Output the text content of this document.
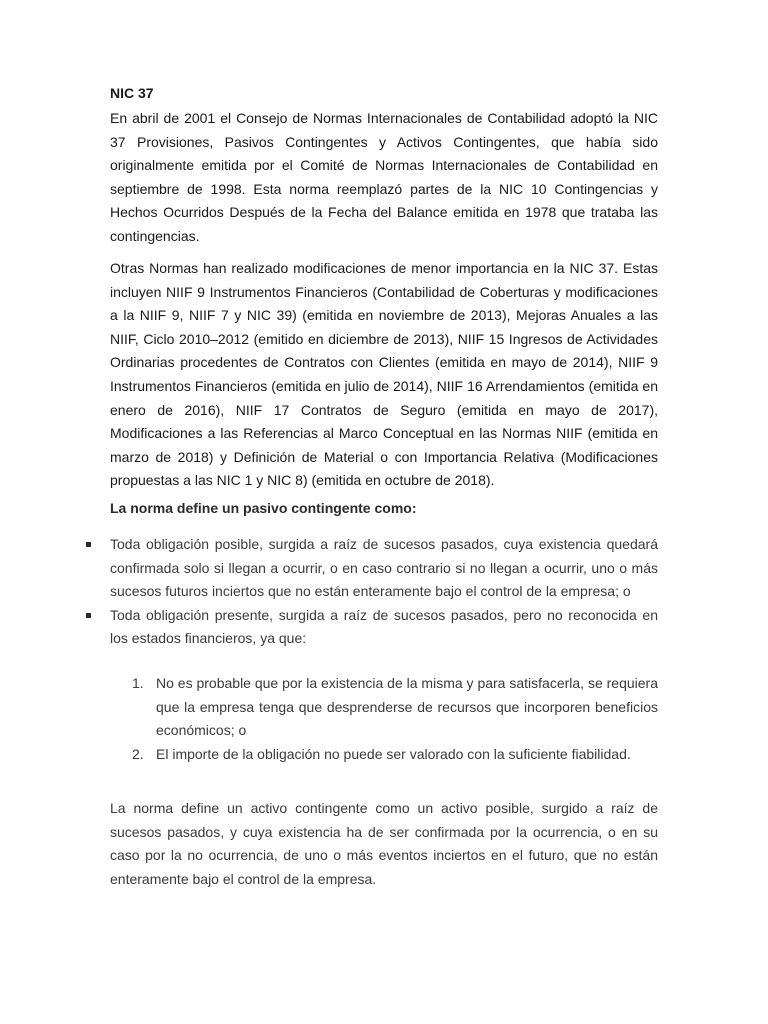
NIC 37

En abril de 2001 el Consejo de Normas Internacionales de Contabilidad adoptó la NIC 37 Provisiones, Pasivos Contingentes y Activos Contingentes, que había sido originalmente emitida por el Comité de Normas Internacionales de Contabilidad en septiembre de 1998. Esta norma reemplazó partes de la NIC 10 Contingencias y Hechos Ocurridos Después de la Fecha del Balance emitida en 1978 que trataba las contingencias.

Otras Normas han realizado modificaciones de menor importancia en la NIC 37. Estas incluyen NIIF 9 Instrumentos Financieros (Contabilidad de Coberturas y modificaciones a la NIIF 9, NIIF 7 y NIC 39) (emitida en noviembre de 2013), Mejoras Anuales a las NIIF, Ciclo 2010–2012 (emitido en diciembre de 2013), NIIF 15 Ingresos de Actividades Ordinarias procedentes de Contratos con Clientes (emitida en mayo de 2014), NIIF 9 Instrumentos Financieros (emitida en julio de 2014), NIIF 16 Arrendamientos (emitida en enero de 2016), NIIF 17 Contratos de Seguro (emitida en mayo de 2017), Modificaciones a las Referencias al Marco Conceptual en las Normas NIIF (emitida en marzo de 2018) y Definición de Material o con Importancia Relativa (Modificaciones propuestas a las NIC 1 y NIC 8) (emitida en octubre de 2018).

La norma define un pasivo contingente como:

Toda obligación posible, surgida a raíz de sucesos pasados, cuya existencia quedará confirmada solo si llegan a ocurrir, o en caso contrario si no llegan a ocurrir, uno o más sucesos futuros inciertos que no están enteramente bajo el control de la empresa; o
Toda obligación presente, surgida a raíz de sucesos pasados, pero no reconocida en los estados financieros, ya que:
1. No es probable que por la existencia de la misma y para satisfacerla, se requiera que la empresa tenga que desprenderse de recursos que incorporen beneficios económicos; o
2. El importe de la obligación no puede ser valorado con la suficiente fiabilidad.

La norma define un activo contingente como un activo posible, surgido a raíz de sucesos pasados, y cuya existencia ha de ser confirmada por la ocurrencia, o en su caso por la no ocurrencia, de uno o más eventos inciertos en el futuro, que no están enteramente bajo el control de la empresa.
